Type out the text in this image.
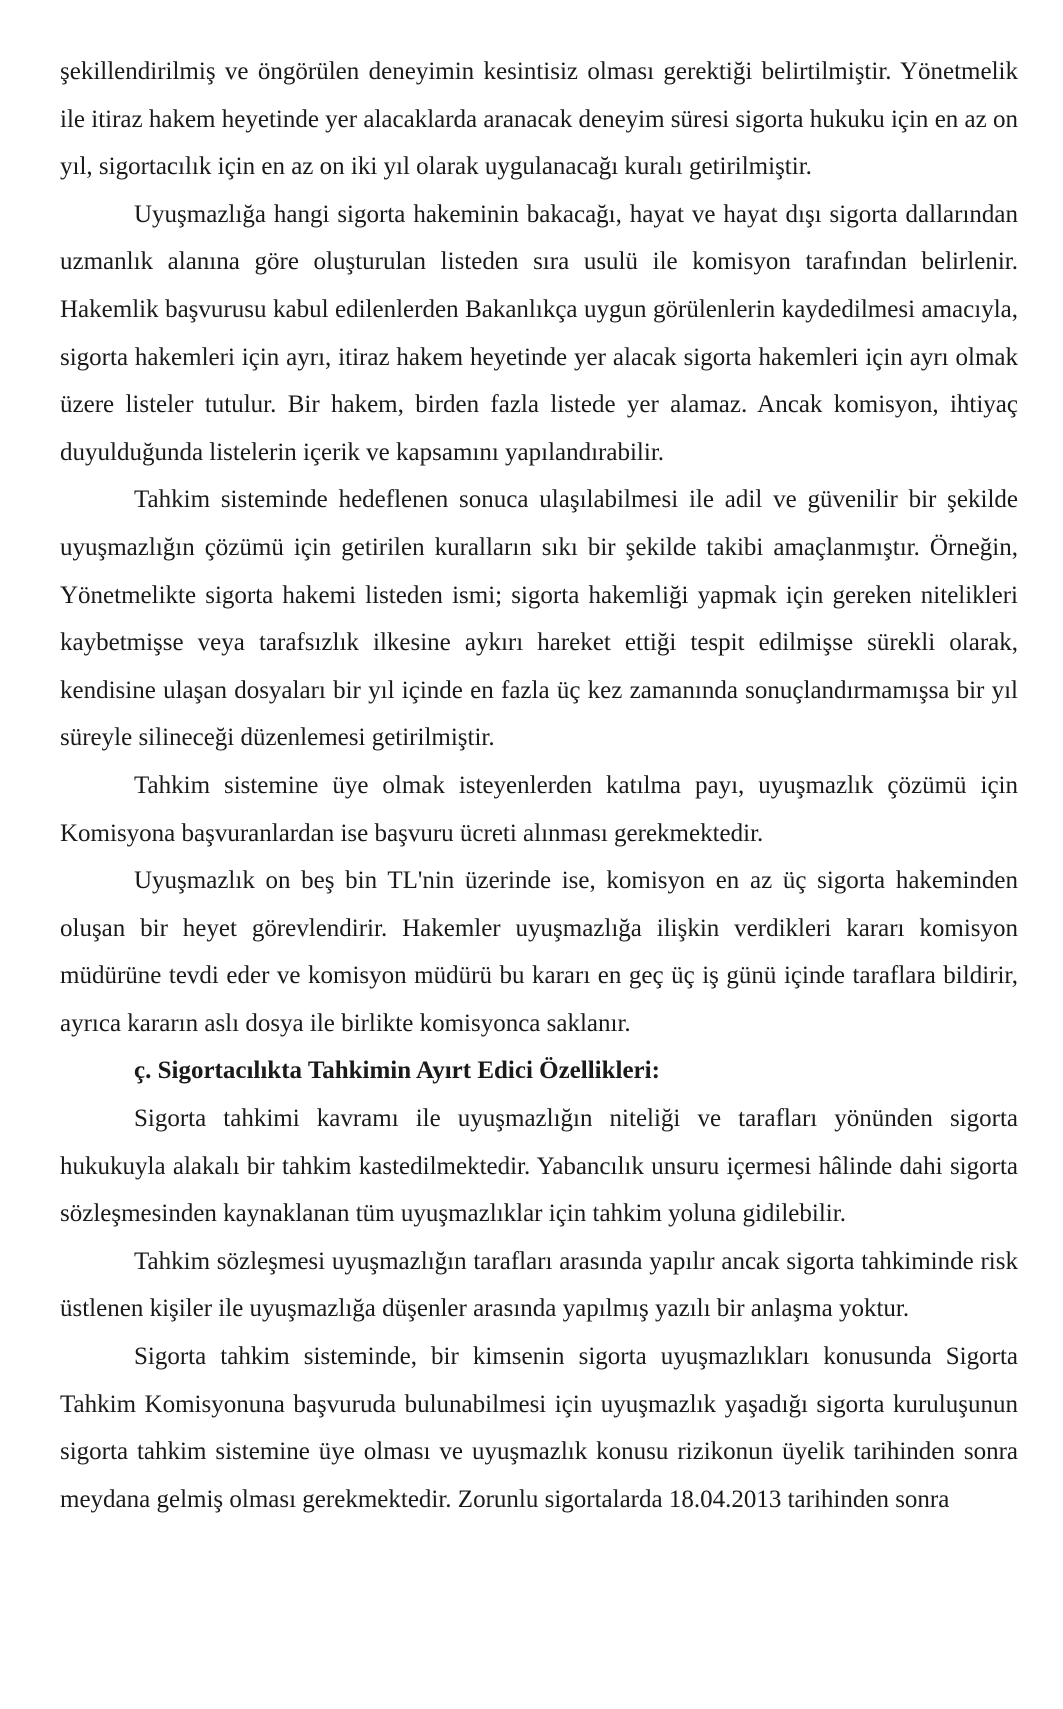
şekillendirilmiş ve öngörülen deneyimin kesintisiz olması gerektiği belirtilmiştir. Yönetmelik ile itiraz hakem heyetinde yer alacaklarda aranacak deneyim süresi sigorta hukuku için en az on yıl, sigortacılık için en az on iki yıl olarak uygulanacağı kuralı getirilmiştir.

Uyuşmazlığa hangi sigorta hakeminin bakacağı, hayat ve hayat dışı sigorta dallarından uzmanlık alanına göre oluşturulan listeden sıra usulü ile komisyon tarafından belirlenir. Hakemlik başvurusu kabul edilenlerden Bakanlıkça uygun görülenlerin kaydedilmesi amacıyla, sigorta hakemleri için ayrı, itiraz hakem heyetinde yer alacak sigorta hakemleri için ayrı olmak üzere listeler tutulur. Bir hakem, birden fazla listede yer alamaz. Ancak komisyon, ihtiyaç duyulduğunda listelerin içerik ve kapsamını yapılandırabilir.

Tahkim sisteminde hedeflenen sonuca ulaşılabilmesi ile adil ve güvenilir bir şekilde uyuşmazlığın çözümü için getirilen kuralların sıkı bir şekilde takibi amaçlanmıştır. Örneğin, Yönetmelikte sigorta hakemi listeden ismi; sigorta hakemliği yapmak için gereken nitelikleri kaybetmişse veya tarafsızlık ilkesine aykırı hareket ettiği tespit edilmişse sürekli olarak, kendisine ulaşan dosyaları bir yıl içinde en fazla üç kez zamanında sonuçlandırmamışsa bir yıl süreyle silineceği düzenlemesi getirilmiştir.

Tahkim sistemine üye olmak isteyenlerden katılma payı, uyuşmazlık çözümü için Komisyona başvuranlardan ise başvuru ücreti alınması gerekmektedir.

Uyuşmazlık on beş bin TL'nin üzerinde ise, komisyon en az üç sigorta hakeminden oluşan bir heyet görevlendirir. Hakemler uyuşmazlığa ilişkin verdikleri kararı komisyon müdürüne tevdi eder ve komisyon müdürü bu kararı en geç üç iş günü içinde taraflara bildirir, ayrıca kararın aslı dosya ile birlikte komisyonca saklanır.

ç. Sigortacılıkta Tahkimin Ayırt Edici Özellikleri:

Sigorta tahkimi kavramı ile uyuşmazlığın niteliği ve tarafları yönünden sigorta hukukuyla alakalı bir tahkim kastedilmektedir. Yabancılık unsuru içermesi hâlinde dahi sigorta sözleşmesinden kaynaklanan tüm uyuşmazlıklar için tahkim yoluna gidilebilir.

Tahkim sözleşmesi uyuşmazlığın tarafları arasında yapılır ancak sigorta tahkiminde risk üstlenen kişiler ile uyuşmazlığa düşenler arasında yapılmış yazılı bir anlaşma yoktur.

Sigorta tahkim sisteminde, bir kimsenin sigorta uyuşmazlıkları konusunda Sigorta Tahkim Komisyonuna başvuruda bulunabilmesi için uyuşmazlık yaşadığı sigorta kuruluşunun sigorta tahkim sistemine üye olması ve uyuşmazlık konusu rizikonun üyelik tarihinden sonra meydana gelmiş olması gerekmektedir. Zorunlu sigortalarda 18.04.2013 tarihinden sonra
